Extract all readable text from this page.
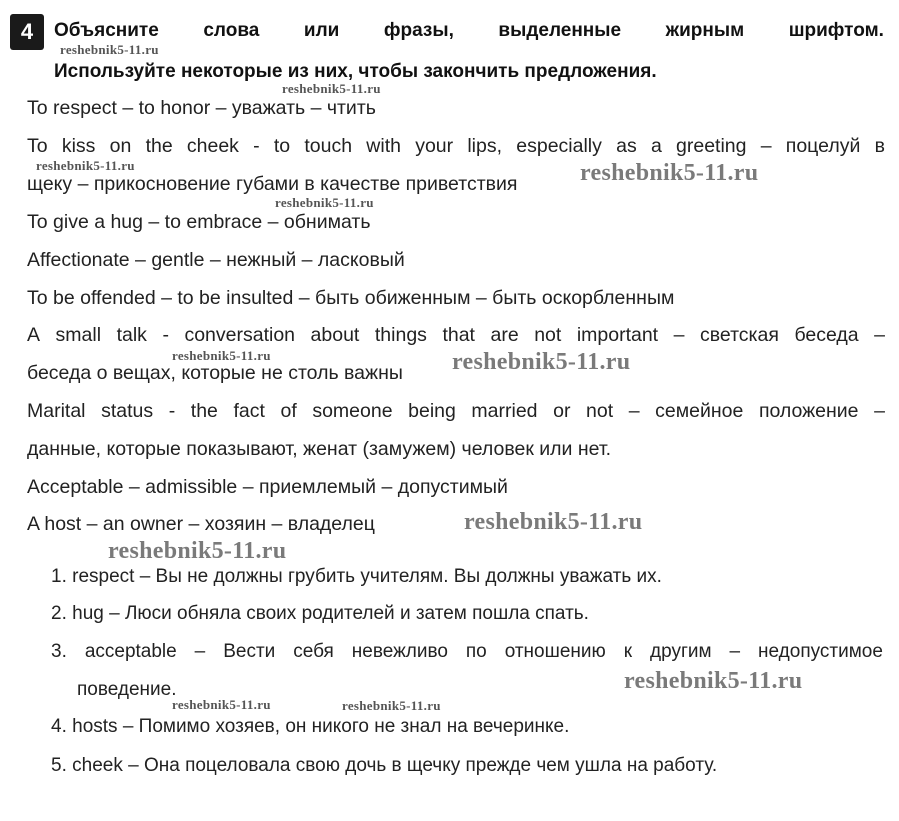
4	Объясните слова или фразы, выделенные жирным шрифтом.
Используйте некоторые из них, чтобы закончить предложения.
To respect – to honor – уважать – чтить
To kiss on the cheek - to touch with your lips, especially as a greeting – поцелуй в
щеку – прикосновение губами в качестве приветствия
To give a hug – to embrace – обнимать
Affectionate – gentle – нежный – ласковый
To be offended – to be insulted – быть обиженным – быть оскорбленным
A small talk - conversation about things that are not important – светская беседа –
беседа о вещах, которые не столь важны
Marital status - the fact of someone being married or not – семейное положение –
данные, которые показывают, женат (замужем) человек или нет.
Acceptable – admissible – приемлемый – допустимый
A host – an owner – хозяин – владелец
1. respect – Вы не должны грубить учителям. Вы должны уважать их.
2. hug – Люси обняла своих родителей и затем пошла спать.
3. acceptable – Вести себя невежливо по отношению к другим – недопустимое
поведение.
4. hosts – Помимо хозяев, он никого не знал на вечеринке.
5. cheek – Она поцеловала свою дочь в щечку прежде чем ушла на работу.
reshebnik5-11.ru
reshebnik5-11.ru
reshebnik5-11.ru	reshebnik5-11.ru
reshebnik5-11.ru
reshebnik5-11.ru	reshebnik5-11.ru
reshebnik5-11.ru
reshebnik5-11.ru
reshebnik5-11.ru
reshebnik5-11.ru	reshebnik5-11.ru
